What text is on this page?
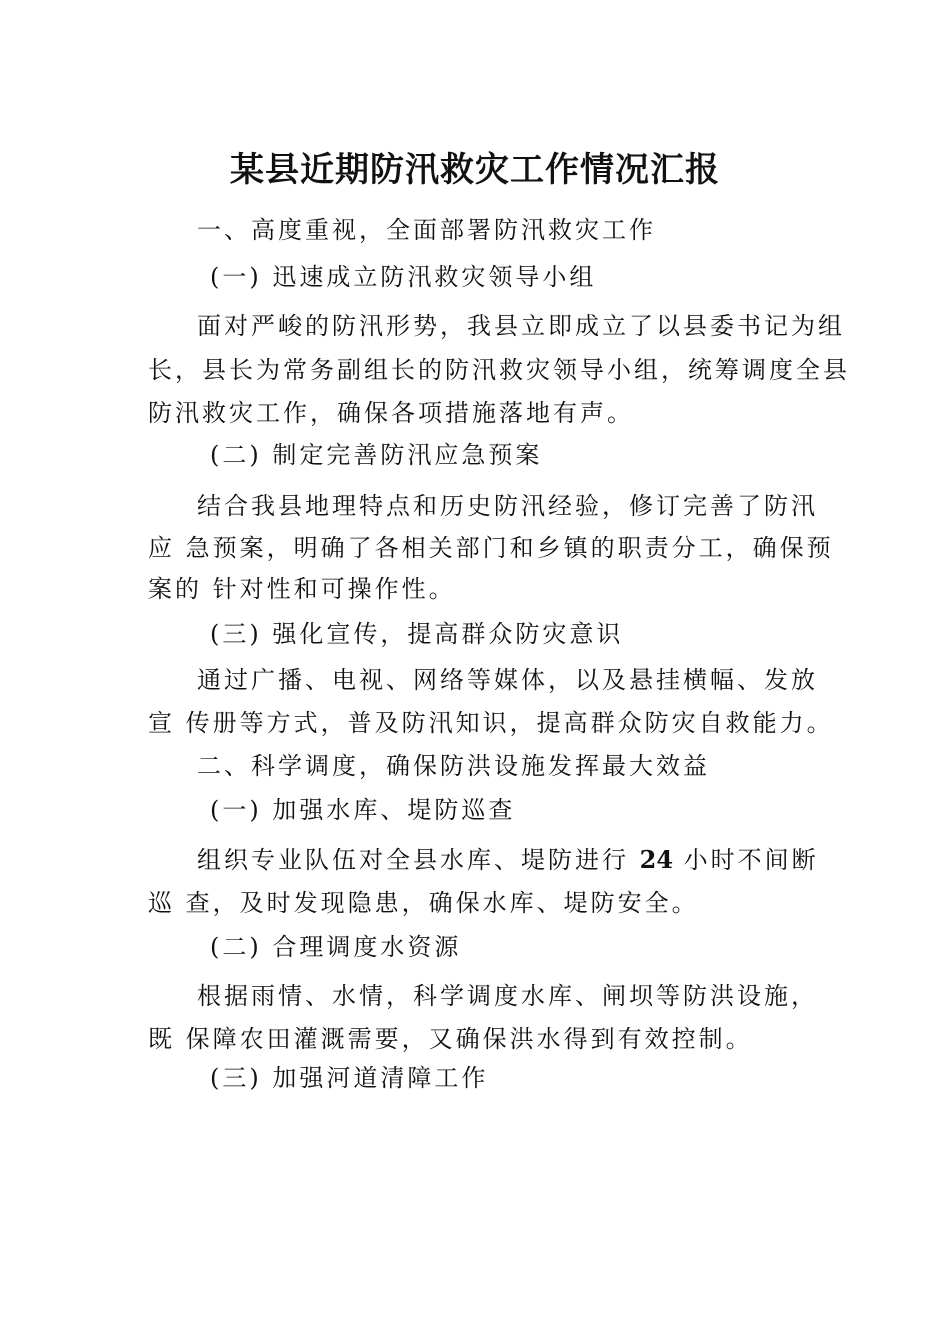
某县近期防汛救灾工作情况汇报
一、高度重视，全面部署防汛救灾工作
(一) 迅速成立防汛救灾领导小组
面对严峻的防汛形势，我县立即成立了以县委书记为组
长，县长为常务副组长的防汛救灾领导小组，统筹调度全县
防汛救灾工作，确保各项措施落地有声。
(二) 制定完善防汛应急预案
结合我县地理特点和历史防汛经验，修订完善了防汛
应 急预案，明确了各相关部门和乡镇的职责分工，确保预
案的 针对性和可操作性。
(三) 强化宣传，提高群众防灾意识
通过广播、电视、网络等媒体，以及悬挂横幅、发放
宣 传册等方式，普及防汛知识，提高群众防灾自救能力。
二、科学调度，确保防洪设施发挥最大效益
(一) 加强水库、堤防巡查
组织专业队伍对全县水库、堤防进行 24 小时不间断
巡 查，及时发现隐患，确保水库、堤防安全。
(二) 合理调度水资源
根据雨情、水情，科学调度水库、闸坝等防洪设施，
既 保障农田灌溉需要，又确保洪水得到有效控制。
(三) 加强河道清障工作
